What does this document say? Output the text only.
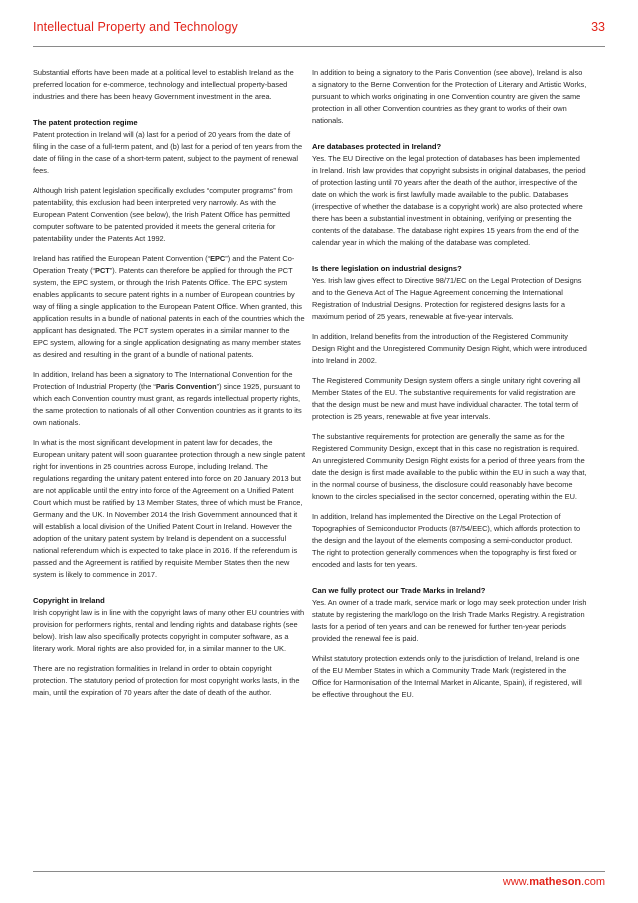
Intellectual Property and Technology	33

Substantial efforts have been made at a political level to establish Ireland as the preferred location for e-commerce, technology and intellectual property-based industries and there has been heavy Government investment in the area.

The patent protection regime

Patent protection in Ireland will (a) last for a period of 20 years from the date of filing in the case of a full-term patent, and (b) last for a period of ten years from the date of filing in the case of a short-term patent, subject to the payment of renewal fees.

Although Irish patent legislation specifically excludes “computer programs” from patentability, this exclusion had been interpreted very narrowly. As with the European Patent Convention (see below), the Irish Patent Office has permitted computer software to be patented provided it meets the general criteria for patentability under the Patents Act 1992.

Ireland has ratified the European Patent Convention (“EPC”) and the Patent Co-Operation Treaty (“PCT”). Patents can therefore be applied for through the PCT system, the EPC system, or through the Irish Patents Office. The EPC system enables applicants to secure patent rights in a number of European countries by way of filing a single application to the European Patent Office. When granted, this application results in a bundle of national patents in each of the countries which the applicant has designated. The PCT system operates in a similar manner to the EPC system, allowing for a single application designating as many member states as desired and resulting in the grant of a bundle of national patents.

In addition, Ireland has been a signatory to The International Convention for the Protection of Industrial Property (the “Paris Convention”) since 1925, pursuant to which each Convention country must grant, as regards intellectual property rights, the same protection to nationals of all other Convention countries as it grants to its own nationals.

In what is the most significant development in patent law for decades, the European unitary patent will soon guarantee protection through a new single patent right for inventions in 25 countries across Europe, including Ireland. The regulations regarding the unitary patent entered into force on 20 January 2013 but are not applicable until the entry into force of the Agreement on a Unified Patent Court which must be ratified by 13 Member States, three of which must be France, Germany and the UK. In November 2014 the Irish Government announced that it will establish a local division of the Unified Patent Court in Ireland. However the adoption of the unitary patent system by Ireland is dependent on a successful national referendum which is expected to take place in 2016. If the referendum is passed and the Agreement is ratified by requisite Member States then the new system is likely to commence in 2017.

Copyright in Ireland

Irish copyright law is in line with the copyright laws of many other EU countries with provision for performers rights, rental and lending rights and database rights (see below). Irish law also specifically protects copyright in computer software, as a literary work. Moral rights are also provided for, in a similar manner to the UK.

There are no registration formalities in Ireland in order to obtain copyright protection. The statutory period of protection for most copyright works lasts, in the main, until the expiration of 70 years after the date of death of the author.

In addition to being a signatory to the Paris Convention (see above), Ireland is also a signatory to the Berne Convention for the Protection of Literary and Artistic Works, pursuant to which works originating in one Convention country are given the same protection in all other Convention countries as they grant to works of their own nationals.

Are databases protected in Ireland?

Yes. The EU Directive on the legal protection of databases has been implemented in Ireland. Irish law provides that copyright subsists in original databases, the period of protection lasting until 70 years after the death of the author, irrespective of the date on which the work is first lawfully made available to the public. Databases (irrespective of whether the database is a copyright work) are also protected where there has been a substantial investment in obtaining, verifying or presenting the contents of the database. The database right expires 15 years from the end of the calendar year in which the making of the database was completed.

Is there legislation on industrial designs?

Yes. Irish law gives effect to Directive 98/71/EC on the Legal Protection of Designs and to the Geneva Act of The Hague Agreement concerning the International Registration of Industrial Designs. Protection for registered designs lasts for a maximum period of 25 years, renewable at five-year intervals.

In addition, Ireland benefits from the introduction of the Registered Community Design Right and the Unregistered Community Design Right, which were introduced into Ireland in 2002.

The Registered Community Design system offers a single unitary right covering all Member States of the EU. The substantive requirements for valid registration are that the design must be new and must have individual character. The total term of protection is 25 years, renewable at five year intervals.

The substantive requirements for protection are generally the same as for the Registered Community Design, except that in this case no registration is required. An unregistered Community Design Right exists for a period of three years from the date the design is first made available to the public within the EU in such a way that, in the normal course of business, the disclosure could reasonably have become known to the circles specialised in the sector concerned, operating within the EU.

In addition, Ireland has implemented the Directive on the Legal Protection of Topographies of Semiconductor Products (87/54/EEC), which affords protection to the design and the layout of the elements composing a semi-conductor product. The right to protection generally commences when the topography is first fixed or encoded and lasts for ten years.

Can we fully protect our Trade Marks in Ireland?

Yes. An owner of a trade mark, service mark or logo may seek protection under Irish statute by registering the mark/logo on the Irish Trade Marks Registry. A registration lasts for a period of ten years and can be renewed for further ten-year periods provided the renewal fee is paid.

Whilst statutory protection extends only to the jurisdiction of Ireland, Ireland is one of the EU Member States in which a Community Trade Mark (registered in the Office for Harmonisation of the Internal Market in Alicante, Spain), if registered, will be effective throughout the EU.

www.matheson.com
